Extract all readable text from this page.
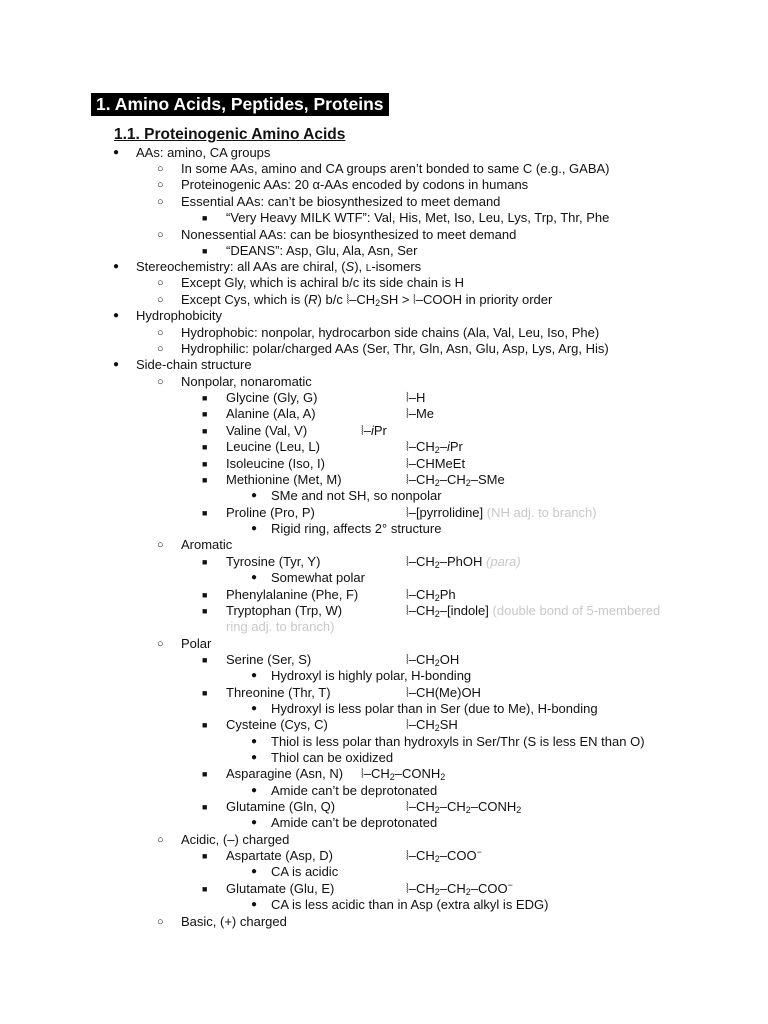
1. Amino Acids, Peptides, Proteins
1.1. Proteinogenic Amino Acids
● AAs: amino, CA groups
○ In some AAs, amino and CA groups aren’t bonded to same C (e.g., GABA)
○ Proteinogenic AAs: 20 α-AAs encoded by codons in humans
○ Essential AAs: can’t be biosynthesized to meet demand
■ “Very Heavy MILK WTF”: Val, His, Met, Iso, Leu, Lys, Trp, Thr, Phe
○ Nonessential AAs: can be biosynthesized to meet demand
■ “DEANS”: Asp, Glu, Ala, Asn, Ser
● Stereochemistry: all AAs are chiral, (S), L-isomers
○ Except Gly, which is achiral b/c its side chain is H
○ Except Cys, which is (R) b/c $⦚-CH_2SH$ > ⦚–COOH in priority order
● Hydrophobicity
○ Hydrophobic: nonpolar, hydrocarbon side chains (Ala, Val, Leu, Iso, Phe)
○ Hydrophilic: polar/charged AAs (Ser, Thr, Gln, Asn, Glu, Asp, Lys, Arg, His)
● Side-chain structure
○ Nonpolar, nonaromatic
■ Glycine (Gly, G)	⦚–H
■ Alanine (Ala, A)	⦚–Me
■ Valine (Val, V)	⦚–iPr
■ Leucine (Leu, L)	$⦚-CH_2$–iPr
■ Isoleucine (Iso, I)	⦚–CHMeEt
■ Methionine (Met, M)	$⦚-CH_2-CH_2$–SMe
● SMe and not SH, so nonpolar
■ Proline (Pro, P)	⦚–[pyrrolidine] (NH adj. to branch)
● Rigid ring, affects 2° structure
○ Aromatic
■ Tyrosine (Tyr, Y)	$⦚-CH_2$–PhOH (para)
● Somewhat polar
■ Phenylalanine (Phe, F)	$⦚-CH_2Ph$
■ Tryptophan (Trp, W)	$⦚-CH_2-[indole]$ (double bond of 5-membered
ring adj. to branch)
○ Polar
■ Serine (Ser, S)	$⦚-CH_2OH$
● Hydroxyl is highly polar, H-bonding
■ Threonine (Thr, T)	⦚–CH(Me)OH
● Hydroxyl is less polar than in Ser (due to Me), H-bonding
■ Cysteine (Cys, C)	$⦚-CH_2SH$
● Thiol is less polar than hydroxyls in Ser/Thr (S is less EN than O)
● Thiol can be oxidized
■ Asparagine (Asn, N) $⦚-CH_2-CONH_2$
● Amide can’t be deprotonated
■ Glutamine (Gln, Q)	$⦚-CH_2-CH_2-CONH_2$
● Amide can’t be deprotonated
○ Acidic, (–) charged
■ Aspartate (Asp, D)	$⦚-CH_2-COO^-$
● CA is acidic
■ Glutamate (Glu, E)	$⦚-CH_2-CH_2-COO^-$
● CA is less acidic than in Asp (extra alkyl is EDG)
○ Basic, (+) charged
